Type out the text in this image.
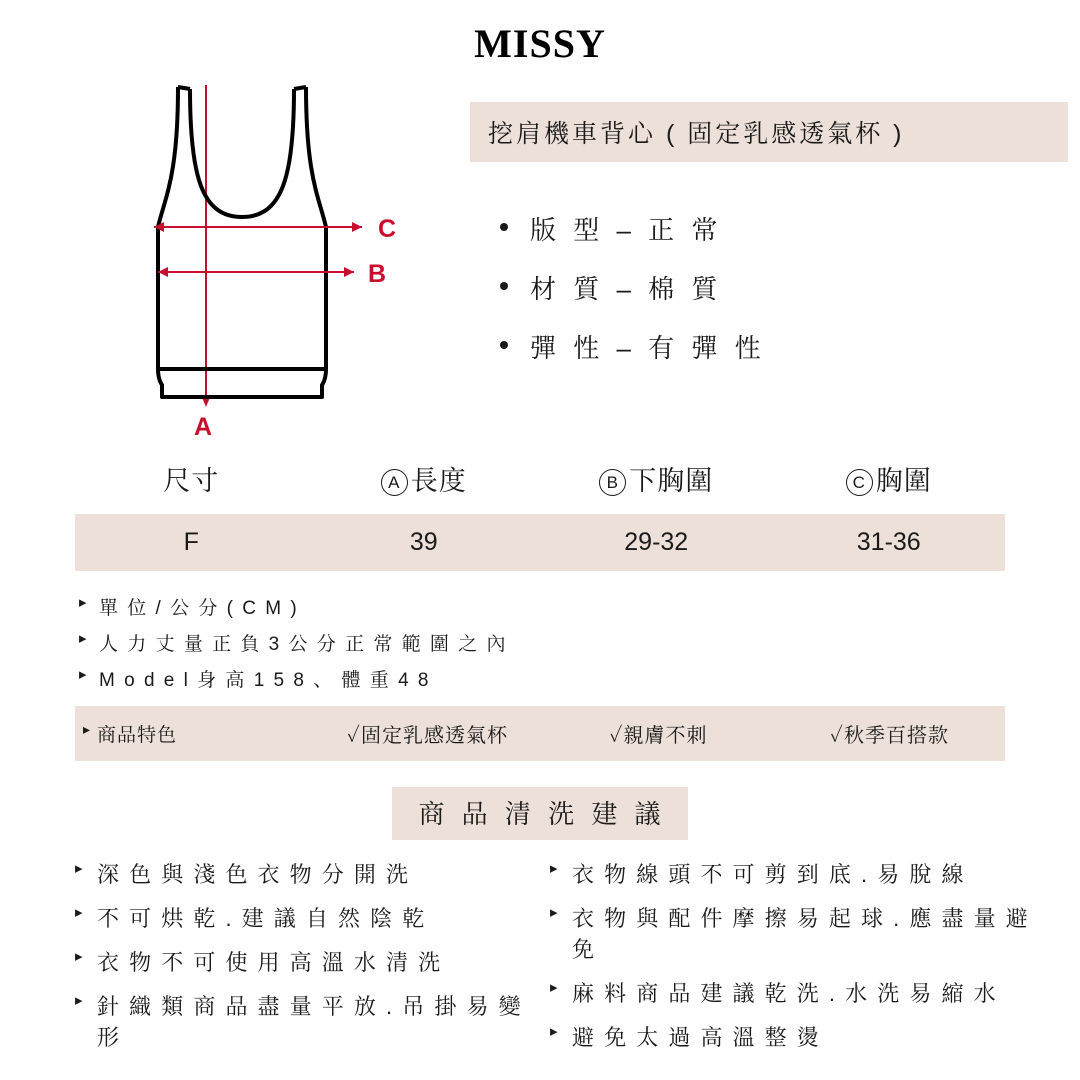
MISSY
C
B
A
挖肩機車背心 ( 固定乳感透氣杯 )
版 型 – 正 常
材 質 – 棉 質
彈 性 – 有 彈 性
尺寸	A 長度	B 下胸圍	C 胸圍
F	39	29-32	31-36
▸ 單 位 / 公 分 ( C M )
▸ 人 力 丈 量 正 負 3 公 分 正 常 範 圍 之 內
▸ M o d e l 身 高 1 5 8 、 體 重 4 8
▸ 商品特色	✓固定乳感透氣杯	✓親膚不刺	✓秋季百搭款
商 品 清 洗 建 議
▸ 深 色 與 淺 色 衣 物 分 開 洗
▸ 不 可 烘 乾 . 建 議 自 然 陰 乾
▸ 衣 物 不 可 使 用 高 溫 水 清 洗
▸ 針 織 類 商 品 盡 量 平 放 . 吊 掛 易 變 形
▸ 衣 物 線 頭 不 可 剪 到 底 . 易 脫 線
▸ 衣 物 與 配 件 摩 擦 易 起 球 . 應 盡 量 避 免
▸ 麻 料 商 品 建 議 乾 洗 . 水 洗 易 縮 水
▸ 避 免 太 過 高 溫 整 燙
